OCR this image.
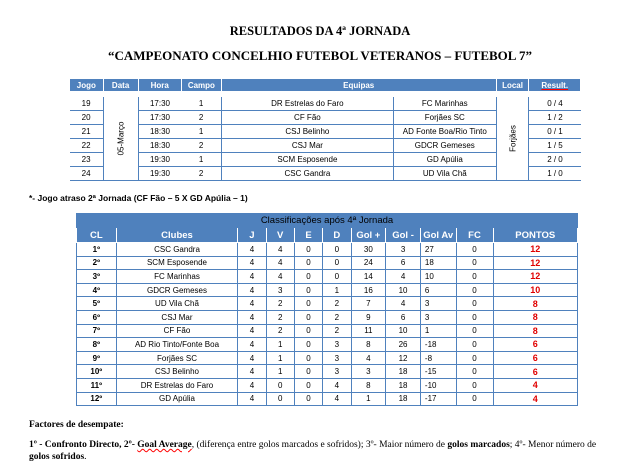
RESULTADOS DA 4ª JORNADA
“CAMPEONATO CONCELHIO FUTEBOL VETERANOS – FUTEBOL 7”
Jogo	Data	Hora	Campo	Equipas		Local	Result.

19	05-Março	17:30	1	DR Estrelas do Faro	FC Marinhas	Forjães	0 / 4
20		17:30	2	CF Fão	Forjães SC		1 / 2
21		18:30	1	CSJ Belinho	AD Fonte Boa/Rio Tinto		0 / 1
22		18:30	2	CSJ Mar	GDCR Gemeses		1 / 5
23		19:30	1	SCM Esposende	GD Apúlia		2 / 0
24		19:30	2	CSC Gandra	UD Vila Chã		1 / 0
*- Jogo atraso 2ª Jornada (CF Fão – 5 X GD Apúlia – 1)
Classificações após 4ª Jornada										
CL	Clubes	J	V	E	D	Gol +	Gol -	Gol Av	FC	PONTOS
1º	CSC Gandra	4	4	0	0	30	3	27	0	12
2º	SCM Esposende	4	4	0	0	24	6	18	0	12
3º	FC Marinhas	4	4	0	0	14	4	10	0	12
4º	GDCR Gemeses	4	3	0	1	16	10	6	0	10
5º	UD Vila Chã	4	2	0	2	7	4	3	0	8
6º	CSJ Mar	4	2	0	2	9	6	3	0	8
7º	CF Fão	4	2	0	2	11	10	1	0	8
8º	AD Rio Tinto/Fonte Boa	4	1	0	3	8	26	-18	0	6
9º	Forjães SC	4	1	0	3	4	12	-8	0	6
10º	CSJ Belinho	4	1	0	3	3	18	-15	0	6
11º	DR Estrelas do Faro	4	0	0	4	8	18	-10	0	4
12º	GD Apúlia	4	0	0	4	1	18	-17	0	4
Factores de desempate:
1º - Confronto Directo, 2º- Goal Average, (diferença entre golos marcados e sofridos); 3º- Maior número de golos marcados; 4º- Menor número de golos sofridos.
